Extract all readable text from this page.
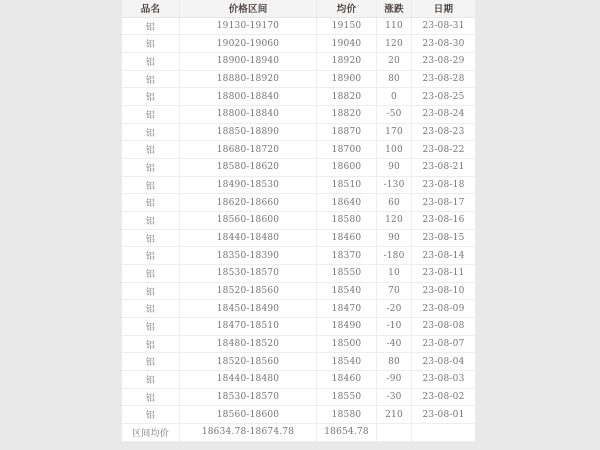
品名	价格区间	均价	涨跌	日期
铝	19130-19170	19150	110	23-08-31
铝	19020-19060	19040	120	23-08-30
铝	18900-18940	18920	20	23-08-29
铝	18880-18920	18900	80	23-08-28
铝	18800-18840	18820	0	23-08-25
铝	18800-18840	18820	-50	23-08-24
铝	18850-18890	18870	170	23-08-23
铝	18680-18720	18700	100	23-08-22
铝	18580-18620	18600	90	23-08-21
铝	18490-18530	18510	-130	23-08-18
铝	18620-18660	18640	60	23-08-17
铝	18560-18600	18580	120	23-08-16
铝	18440-18480	18460	90	23-08-15
铝	18350-18390	18370	-180	23-08-14
铝	18530-18570	18550	10	23-08-11
铝	18520-18560	18540	70	23-08-10
铝	18450-18490	18470	-20	23-08-09
铝	18470-18510	18490	-10	23-08-08
铝	18480-18520	18500	-40	23-08-07
铝	18520-18560	18540	80	23-08-04
铝	18440-18480	18460	-90	23-08-03
铝	18530-18570	18550	-30	23-08-02
铝	18560-18600	18580	210	23-08-01
区间均价	18634.78-18674.78	18654.78
